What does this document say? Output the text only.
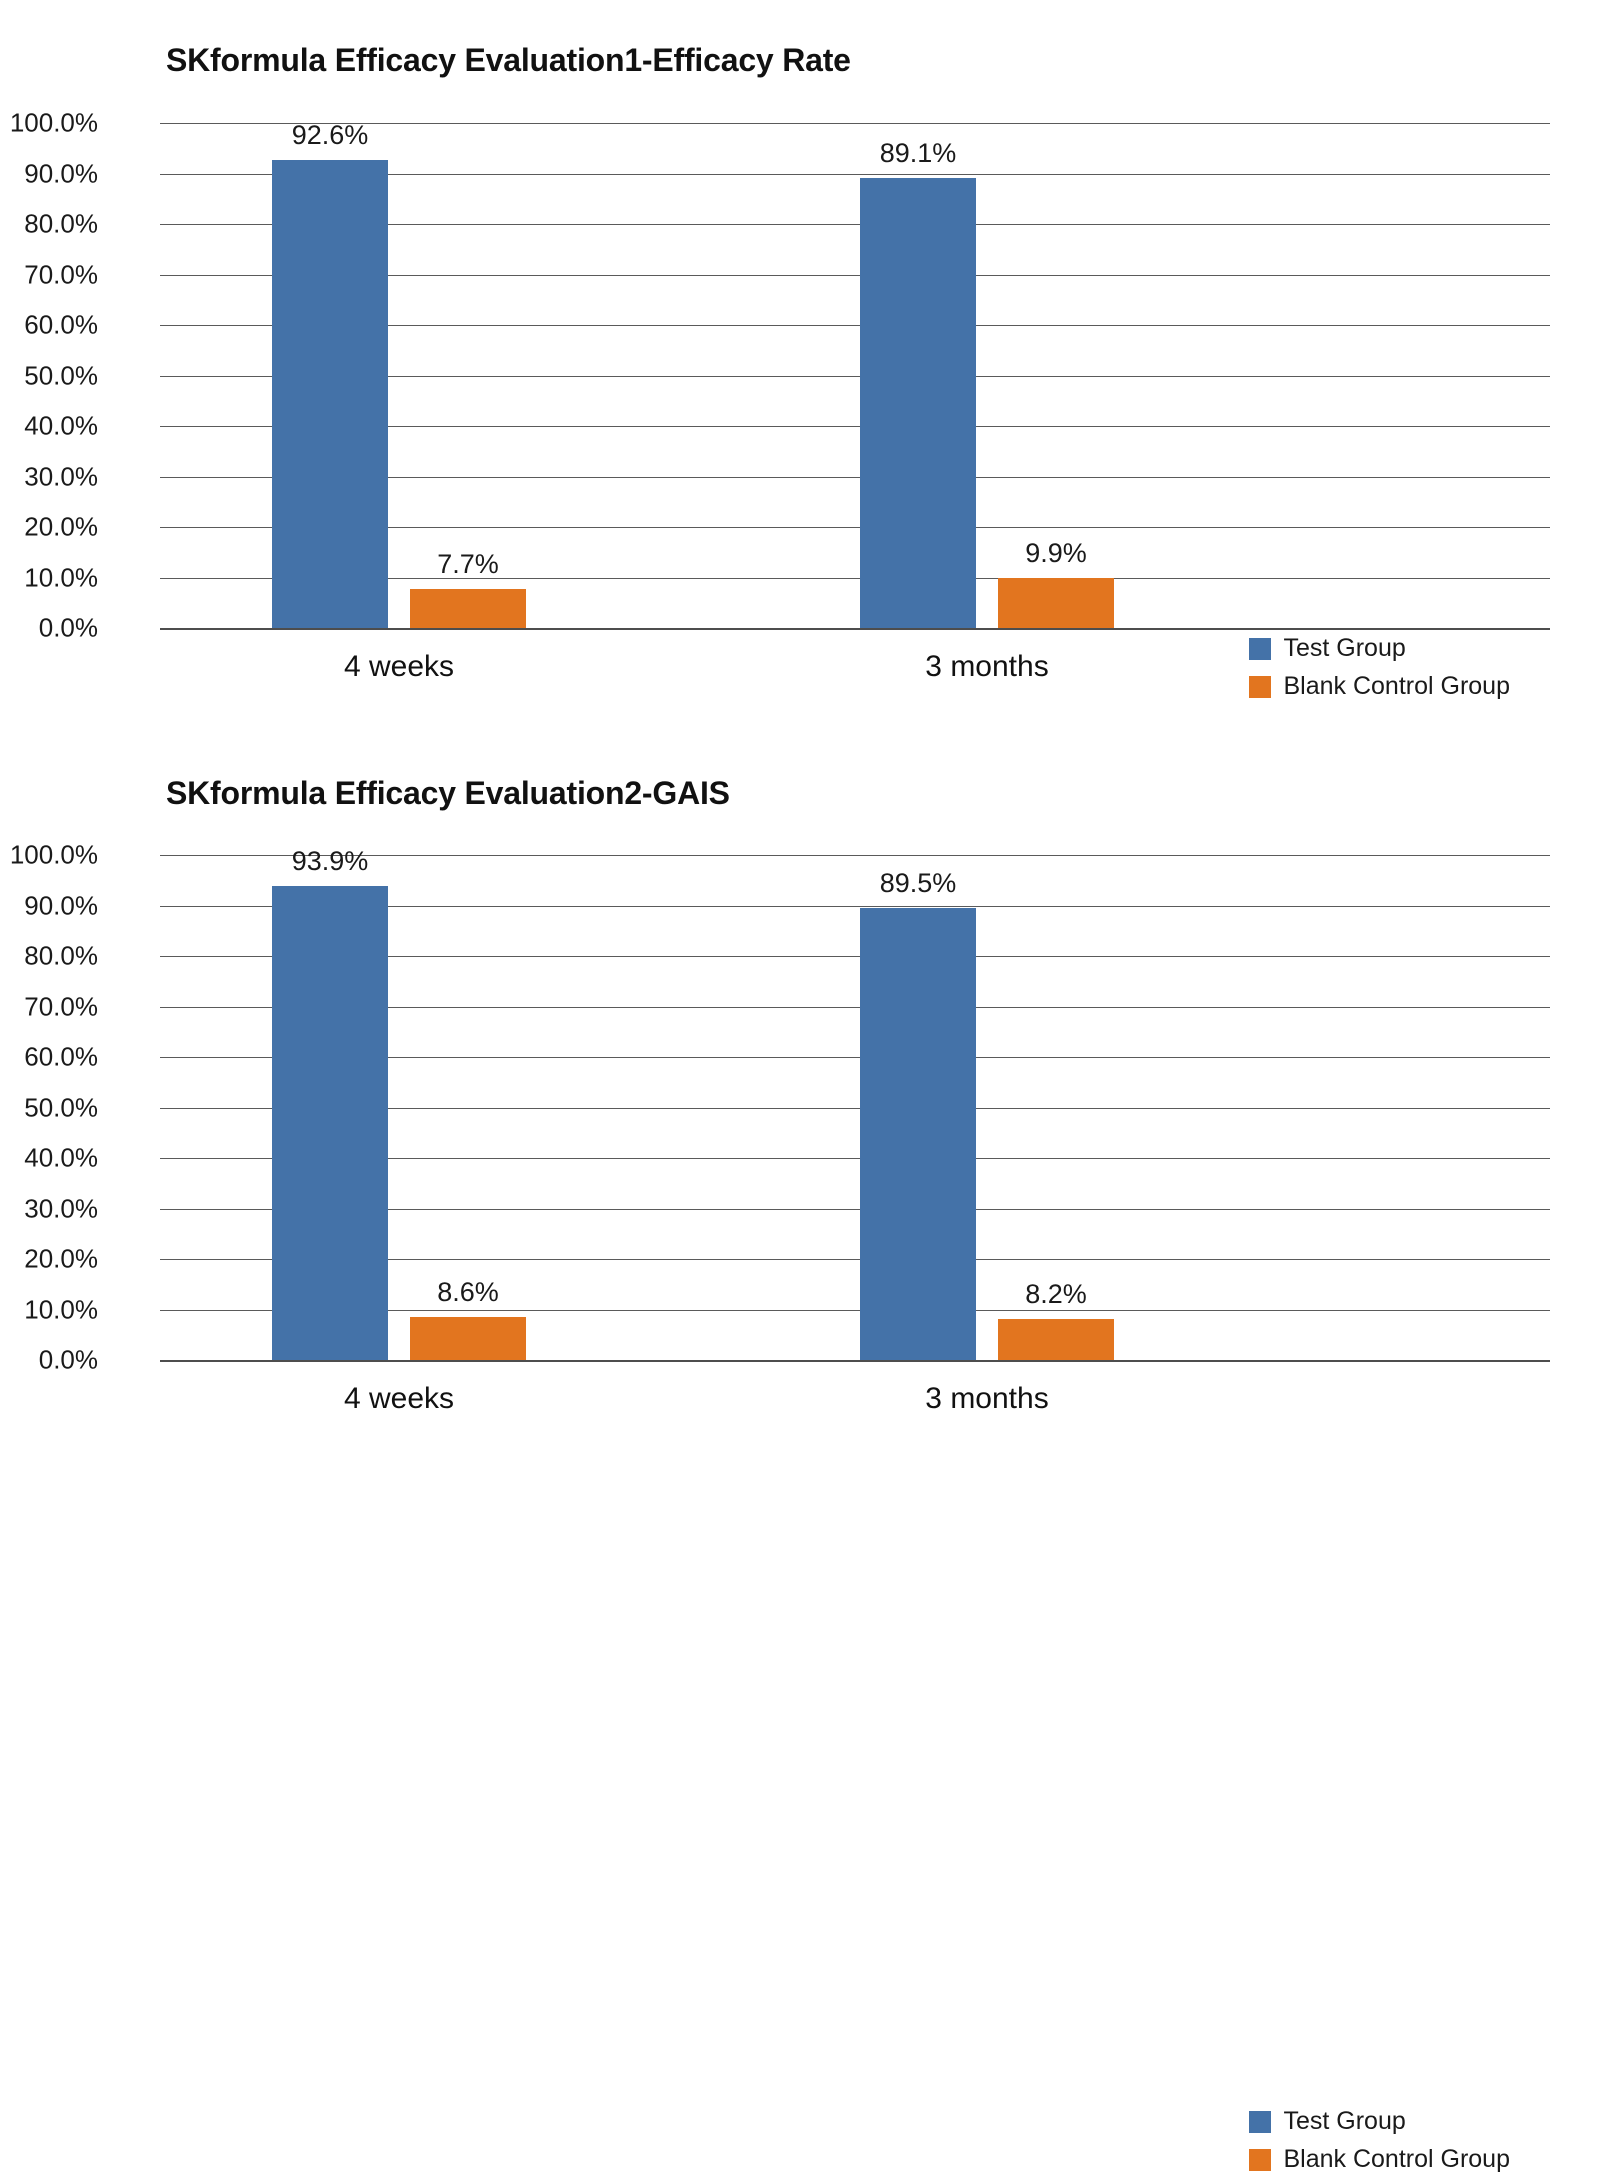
SKformula Efficacy Evaluation1-Efficacy Rate
100.0%
90.0%
80.0%
70.0%
60.0%
50.0%
40.0%
30.0%
20.0%
10.0%
0.0%
92.6%
7.7%
89.1%
9.9%
4 weeks	3 months
Test Group
Blank Control Group
SKformula Efficacy Evaluation2-GAIS
100.0%
90.0%
80.0%
70.0%
60.0%
50.0%
40.0%
30.0%
20.0%
10.0%
0.0%
93.9%
8.6%
89.5%
8.2%
4 weeks	3 months
Test Group
Blank Control Group
